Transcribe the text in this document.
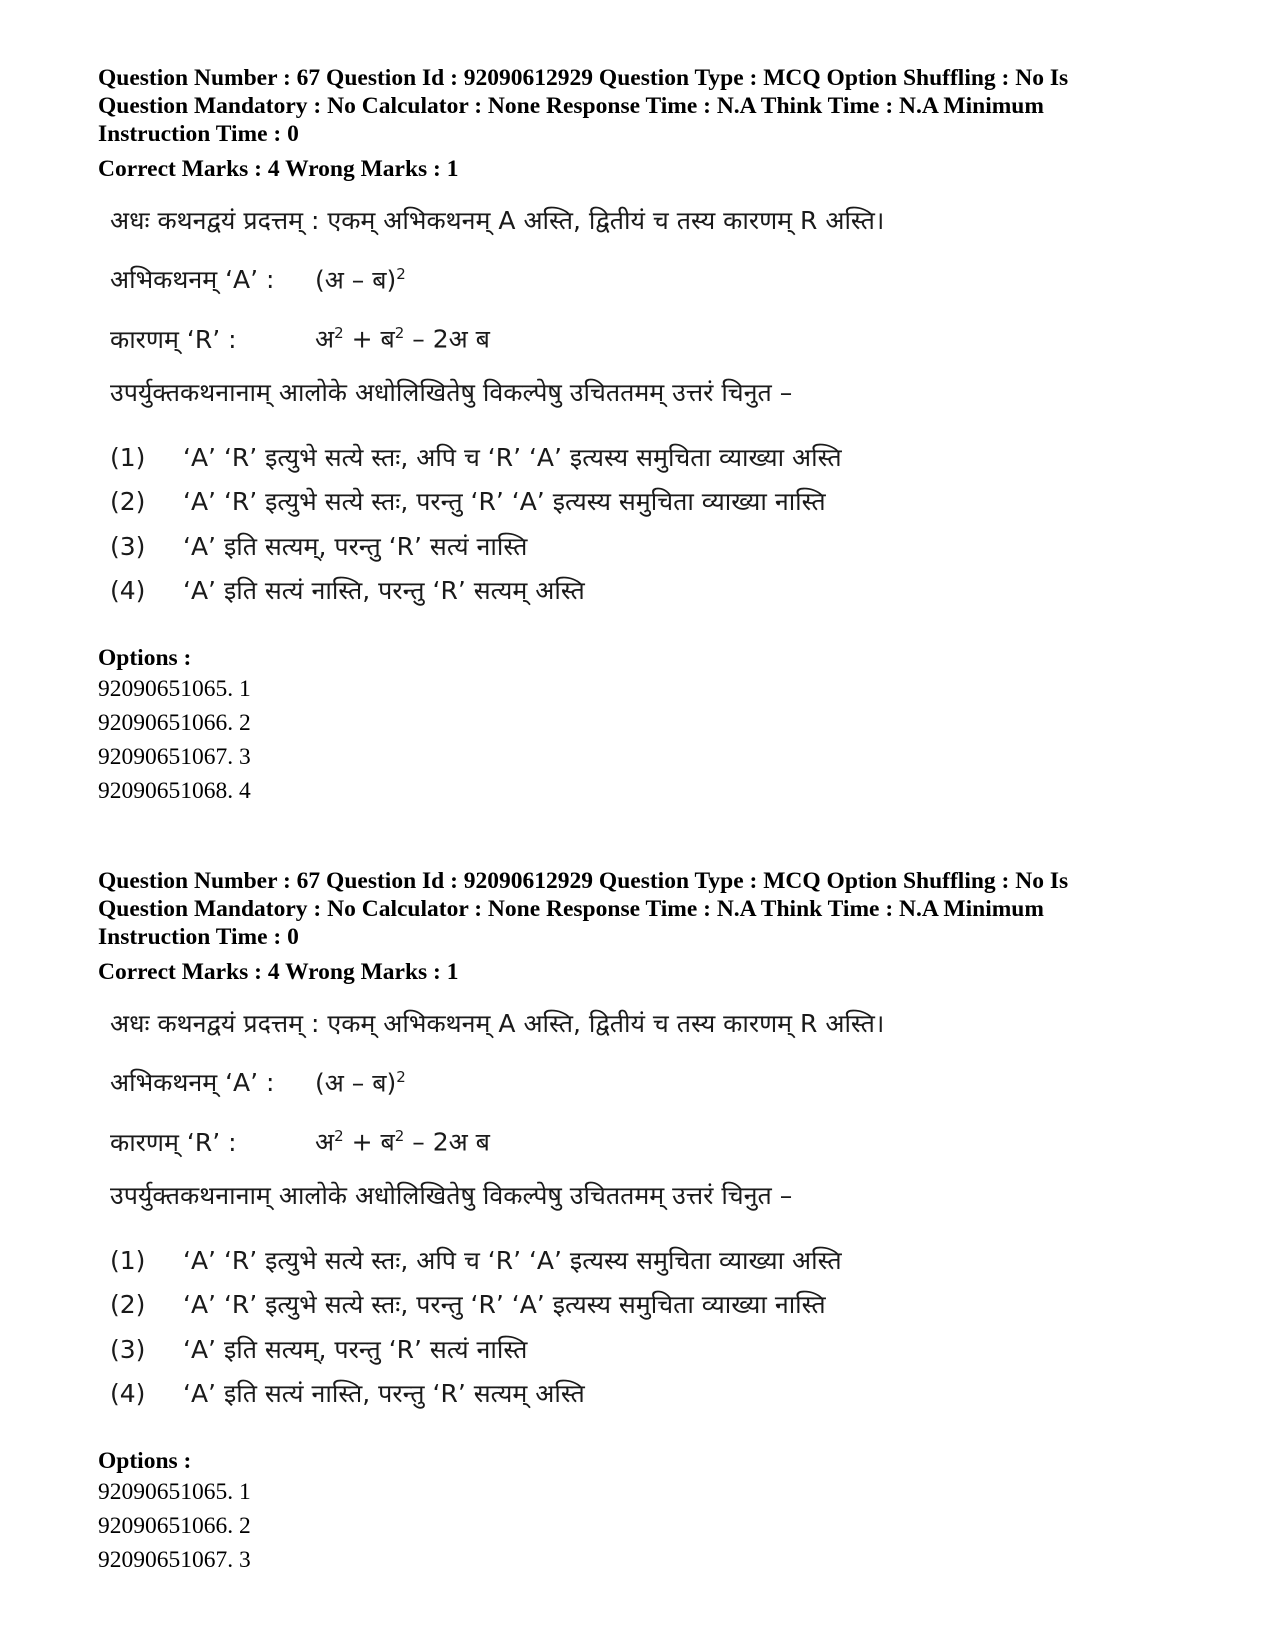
Question Number : 67 Question Id : 92090612929 Question Type : MCQ Option Shuffling : No Is

Question Mandatory : No Calculator : None Response Time : N.A Think Time : N.A Minimum

Instruction Time : 0

Correct Marks : 4 Wrong Marks : 1

अधः कथनद्वयं प्रदत्तम् : एकम् अभिकथनम् A अस्ति, द्वितीयं च तस्य कारणम् R अस्ति।

अभिकथनम् ‘A’ : (अ – ब)$^2$
कारणम् ‘R’ :	अ$^2$ + ब$^2$ – 2अ ब

उपर्युक्तकथनानाम् आलोके अधोलिखितेषु विकल्पेषु उचिततमम् उत्तरं चिनुत –

(1) ‘A’ ‘R’ इत्युभे सत्ये स्तः, अपि च ‘R’ ‘A’ इत्यस्य समुचिता व्याख्या अस्ति
(2) ‘A’ ‘R’ इत्युभे सत्ये स्तः, परन्तु ‘R’ ‘A’ इत्यस्य समुचिता व्याख्या नास्ति
(3) ‘A’ इति सत्यम्, परन्तु ‘R’ सत्यं नास्ति
(4) ‘A’ इति सत्यं नास्ति, परन्तु ‘R’ सत्यम् अस्ति
Options :
92090651065. 1
92090651066. 2
92090651067. 3
92090651068. 4

Question Number : 67 Question Id : 92090612929 Question Type : MCQ Option Shuffling : No Is

Question Mandatory : No Calculator : None Response Time : N.A Think Time : N.A Minimum

Instruction Time : 0

Correct Marks : 4 Wrong Marks : 1

अधः कथनद्वयं प्रदत्तम् : एकम् अभिकथनम् A अस्ति, द्वितीयं च तस्य कारणम् R अस्ति।

अभिकथनम् ‘A’ : (अ – ब)$^2$
कारणम् ‘R’ :	अ$^2$ + ब$^2$ – 2अ ब

उपर्युक्तकथनानाम् आलोके अधोलिखितेषु विकल्पेषु उचिततमम् उत्तरं चिनुत –

(1) ‘A’ ‘R’ इत्युभे सत्ये स्तः, अपि च ‘R’ ‘A’ इत्यस्य समुचिता व्याख्या अस्ति
(2) ‘A’ ‘R’ इत्युभे सत्ये स्तः, परन्तु ‘R’ ‘A’ इत्यस्य समुचिता व्याख्या नास्ति
(3) ‘A’ इति सत्यम्, परन्तु ‘R’ सत्यं नास्ति
(4) ‘A’ इति सत्यं नास्ति, परन्तु ‘R’ सत्यम् अस्ति
Options :
92090651065. 1
92090651066. 2
92090651067. 3
